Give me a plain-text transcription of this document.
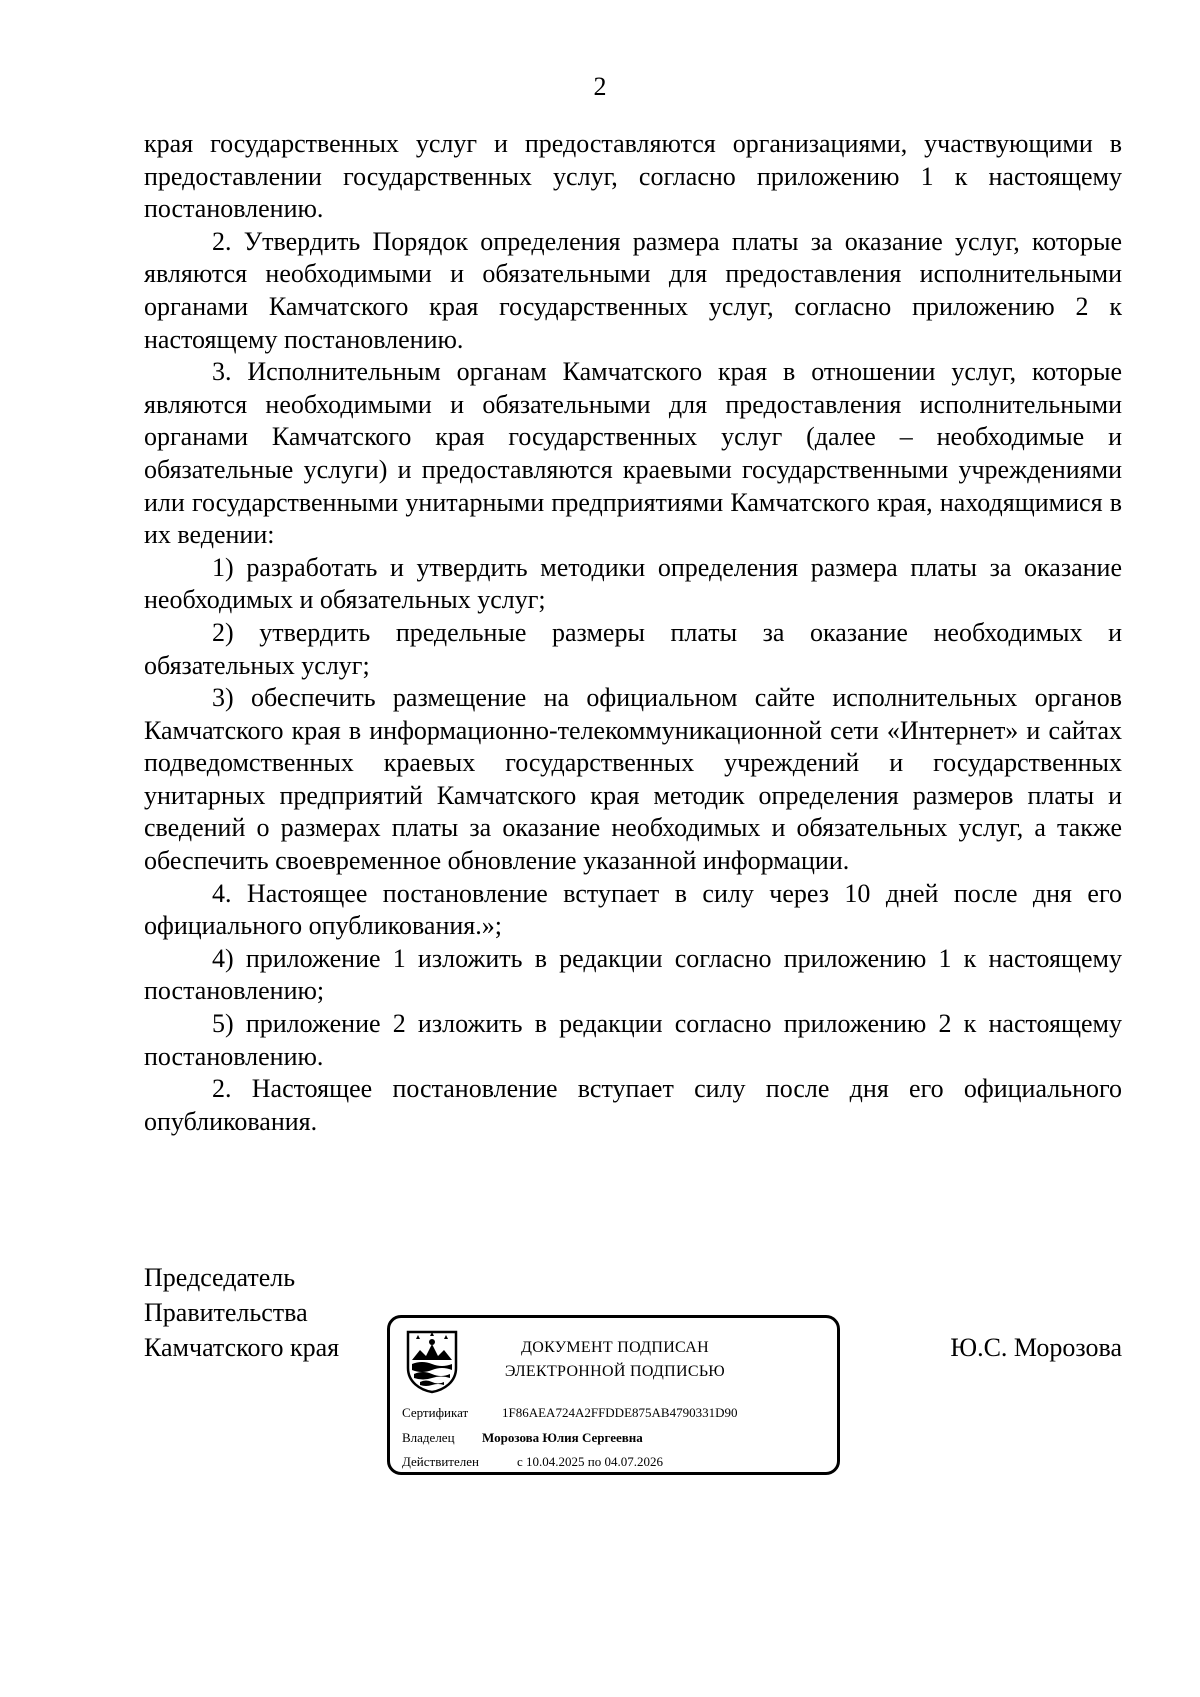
2

края государственных услуг и предоставляются организациями, участвующими в предоставлении государственных услуг, согласно приложению 1 к настоящему постановлению.

2. Утвердить Порядок определения размера платы за оказание услуг, которые являются необходимыми и обязательными для предоставления исполнительными органами Камчатского края государственных услуг, согласно приложению 2 к настоящему постановлению.

3. Исполнительным органам Камчатского края в отношении услуг, которые являются необходимыми и обязательными для предоставления исполнительными органами Камчатского края государственных услуг (далее – необходимые и обязательные услуги) и предоставляются краевыми государственными учреждениями или государственными унитарными предприятиями Камчатского края, находящимися в их ведении:

1) разработать и утвердить методики определения размера платы за оказание необходимых и обязательных услуг;

2) утвердить предельные размеры платы за оказание необходимых и обязательных услуг;

3) обеспечить размещение на официальном сайте исполнительных органов Камчатского края в информационно-телекоммуникационной сети «Интернет» и сайтах подведомственных краевых государственных учреждений и государственных унитарных предприятий Камчатского края методик определения размеров платы и сведений о размерах платы за оказание необходимых и обязательных услуг, а также обеспечить своевременное обновление указанной информации.

4. Настоящее постановление вступает в силу через 10 дней после дня его официального опубликования.»;

4) приложение 1 изложить в редакции согласно приложению 1 к настоящему постановлению;

5) приложение 2 изложить в редакции согласно приложению 2 к настоящему постановлению.

2. Настоящее постановление вступает силу после дня его официального опубликования.

Председатель
Правительства
Камчатского края	ДОКУМЕНТ ПОДПИСАН
ЭЛЕКТРОННОЙ ПОДПИСЬЮ
Сертификат	1F86AEA724A2FFDDE875AB4790331D90
Владелец Морозова Юлия Сергеевна
Действителен	с 10.04.2025 по 04.07.2026
Ю.С. Морозова
